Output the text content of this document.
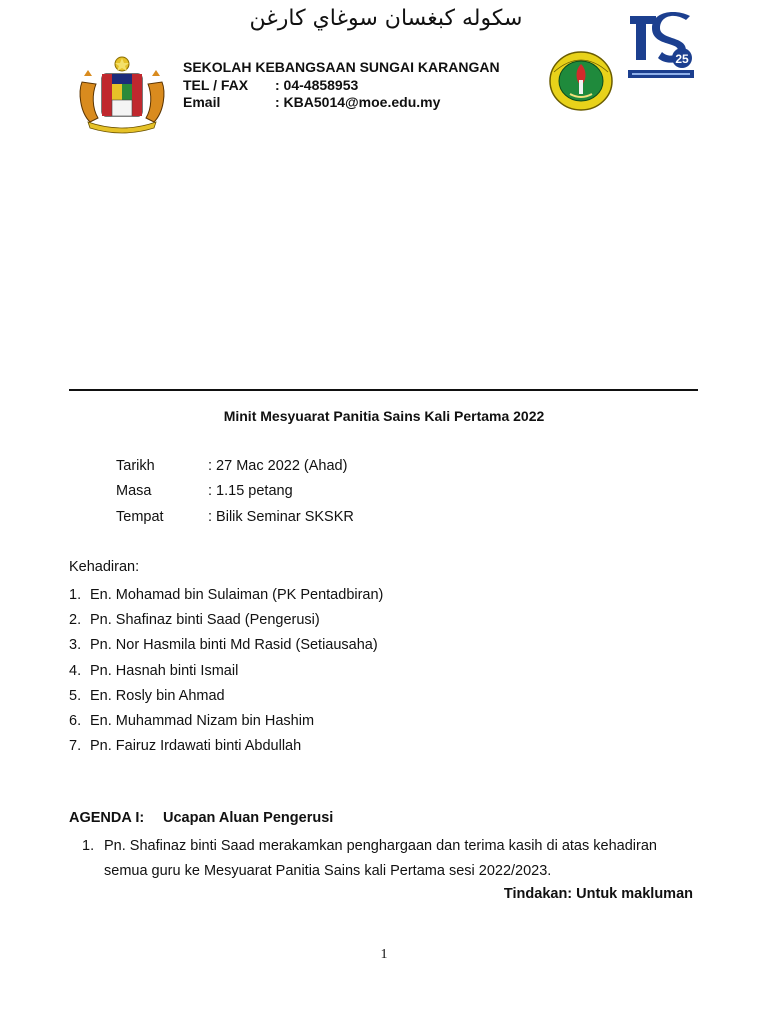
سكوله كبغسان سوغاي كارغن
SEKOLAH KEBANGSAAN SUNGAI KARANGAN
TEL / FAX : 04-4858953
Email	: KBA5014@moe.edu.my
25
Minit Mesyuarat Panitia Sains Kali Pertama 2022
Tarikh	: 27 Mac 2022 (Ahad)
Masa	: 1.15 petang
Tempat	: Bilik Seminar SKSKR
Kehadiran:
1. En. Mohamad bin Sulaiman (PK Pentadbiran)
2. Pn. Shafinaz binti Saad (Pengerusi)
3. Pn. Nor Hasmila binti Md Rasid (Setiausaha)
4. Pn. Hasnah binti Ismail
5. En. Rosly bin Ahmad
6. En. Muhammad Nizam bin Hashim
7. Pn. Fairuz Irdawati binti Abdullah
AGENDA I: Ucapan Aluan Pengerusi
1. Pn. Shafinaz binti Saad merakamkan penghargaan dan terima kasih di atas kehadiran semua guru ke Mesyuarat Panitia Sains kali Pertama sesi 2022/2023.
Tindakan: Untuk makluman
1
